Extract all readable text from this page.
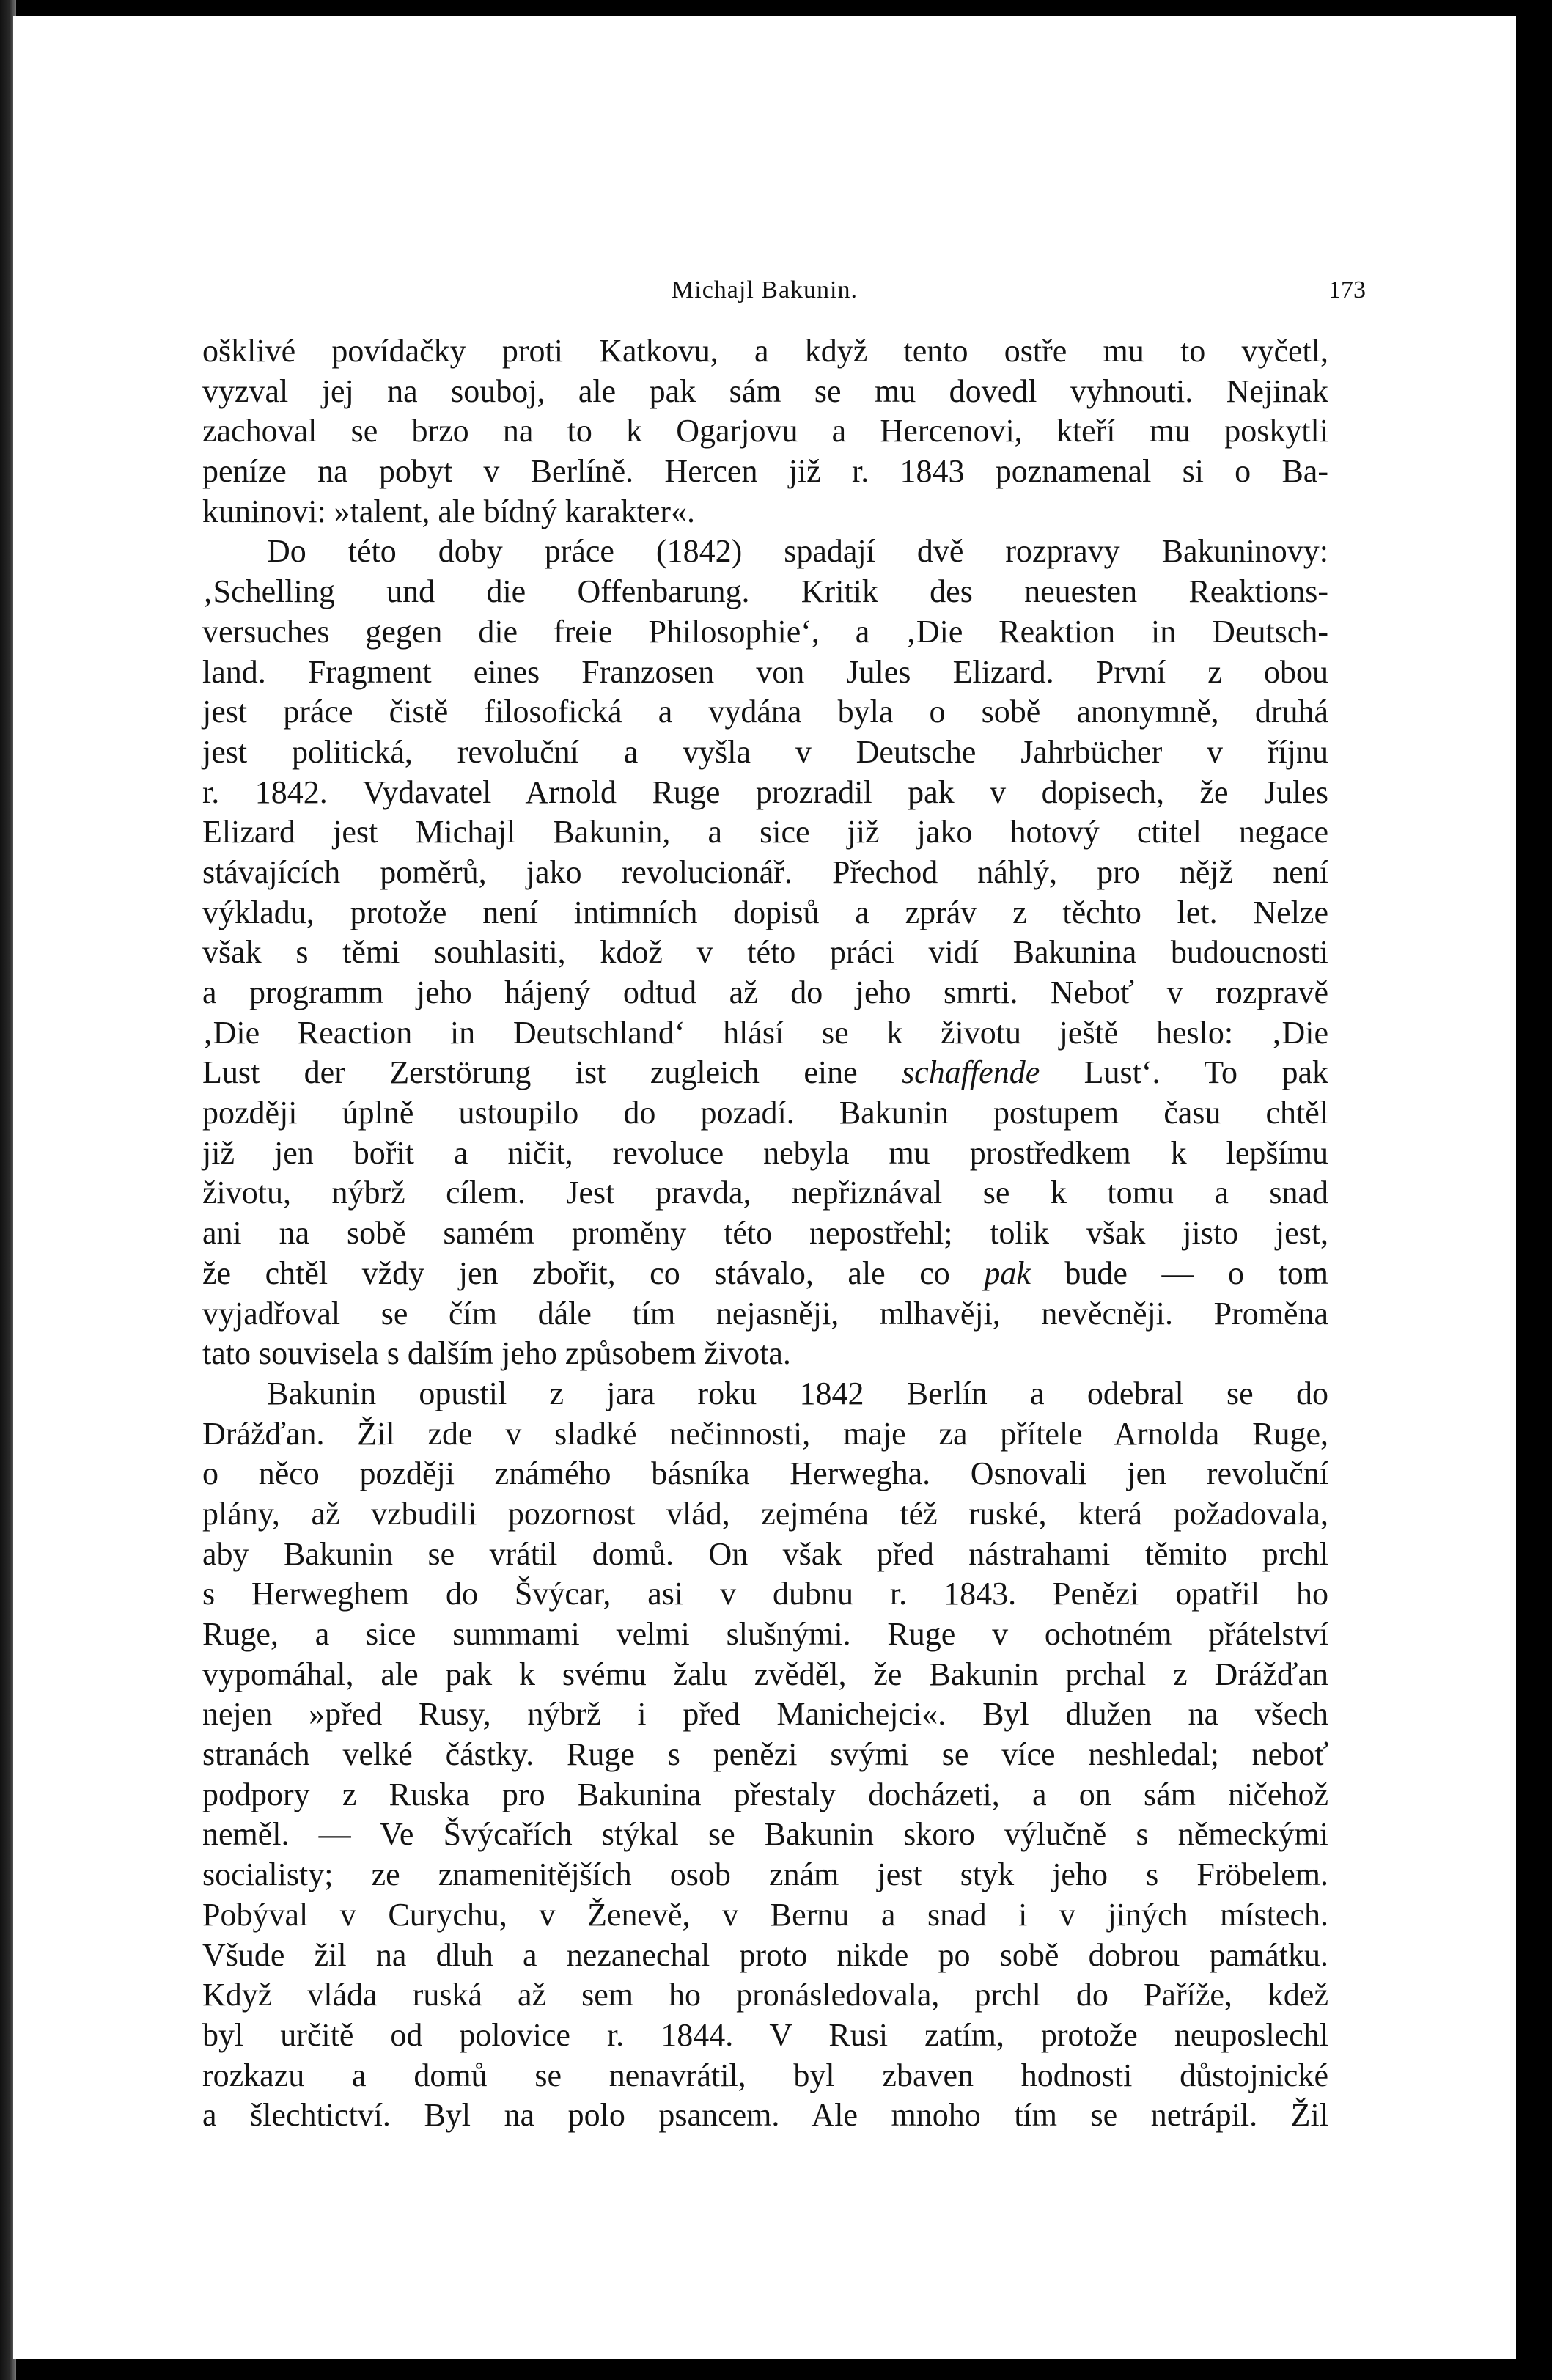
Michajl Bakunin.	173
ošklivé povídačky proti Katkovu, a když tento ostře mu to vyčetl,
vyzval jej na souboj, ale pak sám se mu dovedl vyhnouti. Nejinak
zachoval se brzo na to k Ogarjovu a Hercenovi, kteří mu poskytli
peníze na pobyt v Berlíně. Hercen již r. 1843 poznamenal si o Ba-
kuninovi: »talent, ale bídný karakter«.
Do této doby práce (1842) spadají dvě rozpravy Bakuninovy:
‚Schelling und die Offenbarung. Kritik des neuesten Reaktions-
versuches gegen die freie Philosophie‘, a ‚Die Reaktion in Deutsch-
land. Fragment eines Franzosen von Jules Elizard. První z obou
jest práce čistě filosofická a vydána byla o sobě anonymně, druhá
jest politická, revoluční a vyšla v Deutsche Jahrbücher v říjnu
r. 1842. Vydavatel Arnold Ruge prozradil pak v dopisech, že Jules
Elizard jest Michajl Bakunin, a sice již jako hotový ctitel negace
stávajících poměrů, jako revolucionář. Přechod náhlý, pro nějž není
výkladu, protože není intimních dopisů a zpráv z těchto let. Nelze
však s těmi souhlasiti, kdož v této práci vidí Bakunina budoucnosti
a programm jeho hájený odtud až do jeho smrti. Neboť v rozpravě
‚Die Reaction in Deutschland‘ hlásí se k životu ještě heslo: ‚Die
Lust der Zerstörung ist zugleich eine schaffende Lust‘. To pak
později úplně ustoupilo do pozadí. Bakunin postupem času chtěl
již jen bořit a ničit, revoluce nebyla mu prostředkem k lepšímu
životu, nýbrž cílem. Jest pravda, nepřiznával se k tomu a snad
ani na sobě samém proměny této nepostřehl; tolik však jisto jest,
že chtěl vždy jen zbořit, co stávalo, ale co pak bude — o tom
vyjadřoval se čím dále tím nejasněji, mlhavěji, nevěcněji. Proměna
tato souvisela s dalším jeho způsobem života.
Bakunin opustil z jara roku 1842 Berlín a odebral se do
Drážďan. Žil zde v sladké nečinnosti, maje za přítele Arnolda Ruge,
o něco později známého básníka Herwegha. Osnovali jen revoluční
plány, až vzbudili pozornost vlád, zejména též ruské, která požadovala,
aby Bakunin se vrátil domů. On však před nástrahami těmito prchl
s Herweghem do Švýcar, asi v dubnu r. 1843. Penězi opatřil ho
Ruge, a sice summami velmi slušnými. Ruge v ochotném přátelství
vypomáhal, ale pak k svému žalu zvěděl, že Bakunin prchal z Drážďan
nejen »před Rusy, nýbrž i před Manichejci«. Byl dlužen na všech
stranách velké částky. Ruge s penězi svými se více neshledal; neboť
podpory z Ruska pro Bakunina přestaly docházeti, a on sám ničehož
neměl. — Ve Švýcařích stýkal se Bakunin skoro výlučně s německými
socialisty; ze znamenitějších osob znám jest styk jeho s Fröbelem.
Pobýval v Curychu, v Ženevě, v Bernu a snad i v jiných místech.
Všude žil na dluh a nezanechal proto nikde po sobě dobrou památku.
Když vláda ruská až sem ho pronásledovala, prchl do Paříže, kdež
byl určitě od polovice r. 1844. V Rusi zatím, protože neuposlechl
rozkazu a domů se nenavrátil, byl zbaven hodnosti důstojnické
a šlechtictví. Byl na polo psancem. Ale mnoho tím se netrápil. Žil
